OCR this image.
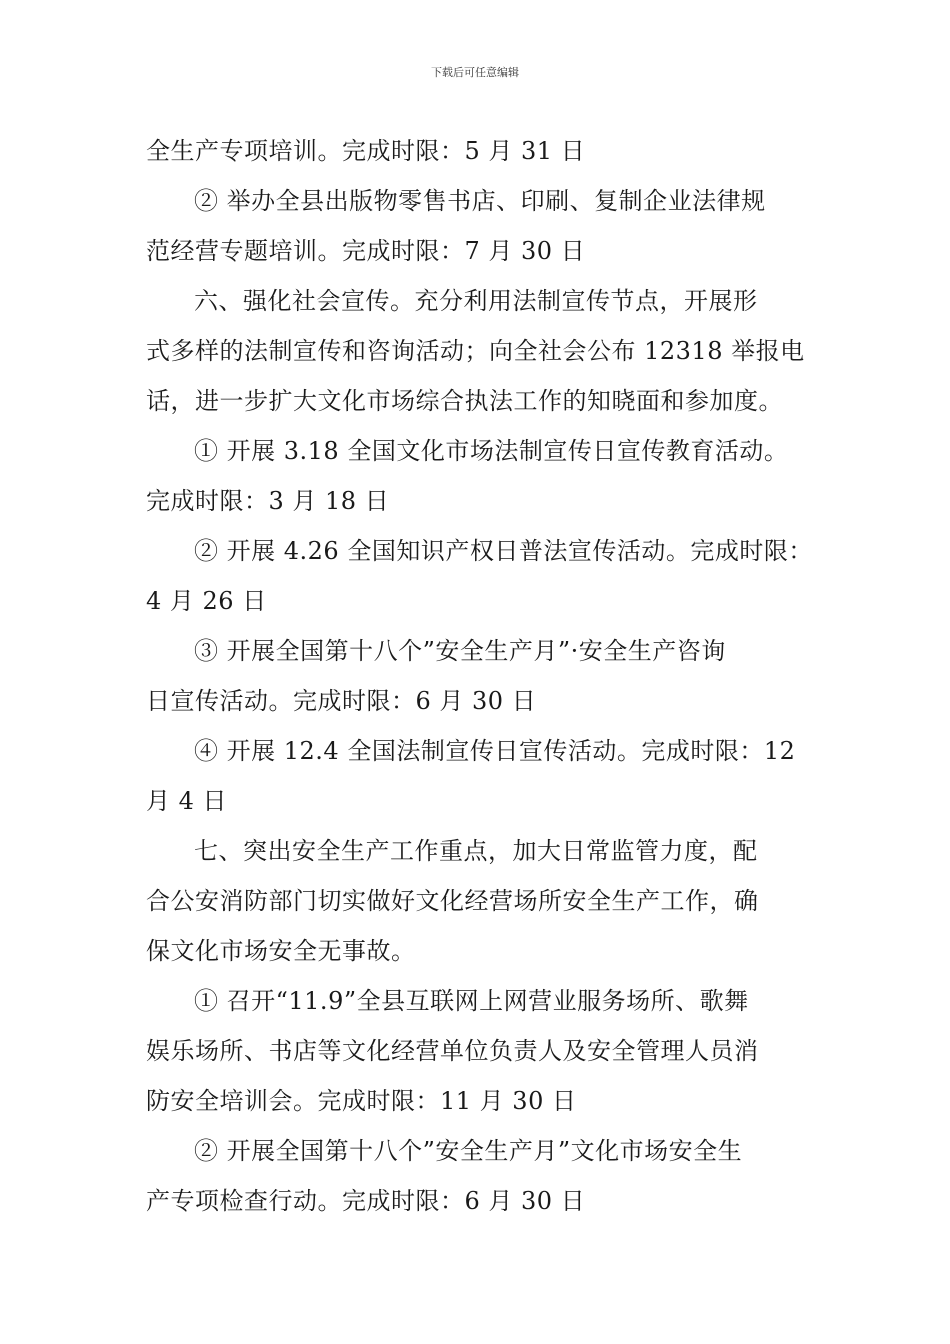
下载后可任意编辑
全生产专项培训。完成时限：5 月 31 日
② 举办全县出版物零售书店、印刷、复制企业法律规
范经营专题培训。完成时限：7 月 30 日
六、强化社会宣传。充分利用法制宣传节点，开展形
式多样的法制宣传和咨询活动；向全社会公布 12318 举报电
话，进一步扩大文化市场综合执法工作的知晓面和参加度。
① 开展 3.18 全国文化市场法制宣传日宣传教育活动。
完成时限：3 月 18 日
② 开展 4.26 全国知识产权日普法宣传活动。完成时限：
4 月 26 日
③ 开展全国第十八个”安全生产月”·安全生产咨询
日宣传活动。完成时限：6 月 30 日
④ 开展 12.4 全国法制宣传日宣传活动。完成时限：12
月 4 日
七、突出安全生产工作重点，加大日常监管力度，配
合公安消防部门切实做好文化经营场所安全生产工作，确
保文化市场安全无事故。
① 召开“11.9”全县互联网上网营业服务场所、歌舞
娱乐场所、书店等文化经营单位负责人及安全管理人员消
防安全培训会。完成时限：11 月 30 日
② 开展全国第十八个”安全生产月”文化市场安全生
产专项检查行动。完成时限：6 月 30 日
